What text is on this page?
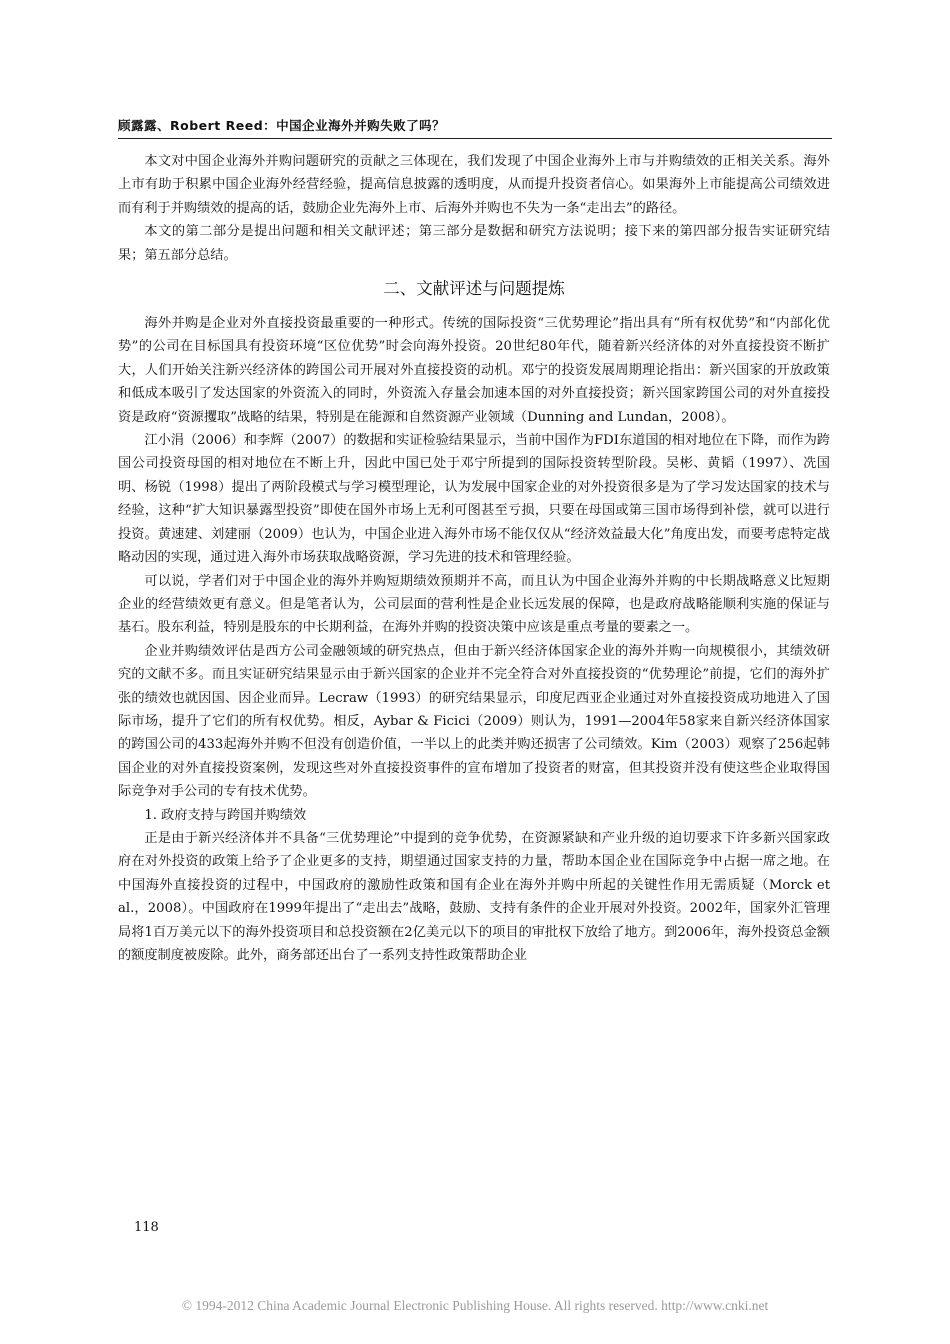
顾露露、Robert Reed：中国企业海外并购失败了吗？

本文对中国企业海外并购问题研究的贡献之三体现在，我们发现了中国企业海外上市与并购绩效的正相关关系。海外上市有助于积累中国企业海外经营经验，提高信息披露的透明度，从而提升投资者信心。如果海外上市能提高公司绩效进而有利于并购绩效的提高的话，鼓励企业先海外上市、后海外并购也不失为一条“走出去”的路径。

本文的第二部分是提出问题和相关文献评述；第三部分是数据和研究方法说明；接下来的第四部分报告实证研究结果；第五部分总结。

二、文献评述与问题提炼

海外并购是企业对外直接投资最重要的一种形式。传统的国际投资“三优势理论”指出具有“所有权优势”和“内部化优势”的公司在目标国具有投资环境“区位优势”时会向海外投资。20世纪80年代，随着新兴经济体的对外直接投资不断扩大，人们开始关注新兴经济体的跨国公司开展对外直接投资的动机。邓宁的投资发展周期理论指出：新兴国家的开放政策和低成本吸引了发达国家的外资流入的同时，外资流入存量会加速本国的对外直接投资；新兴国家跨国公司的对外直接投资是政府“资源攫取”战略的结果，特别是在能源和自然资源产业领域（Dunning and Lundan，2008）。

江小涓（2006）和李辉（2007）的数据和实证检验结果显示，当前中国作为FDI东道国的相对地位在下降，而作为跨国公司投资母国的相对地位在不断上升，因此中国已处于邓宁所提到的国际投资转型阶段。吴彬、黄韬（1997）、冼国明、杨锐（1998）提出了两阶段模式与学习模型理论，认为发展中国家企业的对外投资很多是为了学习发达国家的技术与经验，这种“扩大知识暴露型投资”即使在国外市场上无利可图甚至亏损，只要在母国或第三国市场得到补偿，就可以进行投资。黄速建、刘建丽（2009）也认为，中国企业进入海外市场不能仅仅从“经济效益最大化”角度出发，而要考虑特定战略动因的实现，通过进入海外市场获取战略资源，学习先进的技术和管理经验。

可以说，学者们对于中国企业的海外并购短期绩效预期并不高，而且认为中国企业海外并购的中长期战略意义比短期企业的经营绩效更有意义。但是笔者认为，公司层面的营利性是企业长远发展的保障，也是政府战略能顺利实施的保证与基石。股东利益，特别是股东的中长期利益，在海外并购的投资决策中应该是重点考量的要素之一。

企业并购绩效评估是西方公司金融领域的研究热点，但由于新兴经济体国家企业的海外并购一向规模很小，其绩效研究的文献不多。而且实证研究结果显示由于新兴国家的企业并不完全符合对外直接投资的“优势理论”前提，它们的海外扩张的绩效也就因国、因企业而异。Lecraw（1993）的研究结果显示，印度尼西亚企业通过对外直接投资成功地进入了国际市场，提升了它们的所有权优势。相反，Aybar & Ficici（2009）则认为，1991—2004年58家来自新兴经济体国家的跨国公司的433起海外并购不但没有创造价值，一半以上的此类并购还损害了公司绩效。Kim（2003）观察了256起韩国企业的对外直接投资案例，发现这些对外直接投资事件的宣布增加了投资者的财富，但其投资并没有使这些企业取得国际竞争对手公司的专有技术优势。

1. 政府支持与跨国并购绩效

正是由于新兴经济体并不具备“三优势理论”中提到的竞争优势，在资源紧缺和产业升级的迫切要求下许多新兴国家政府在对外投资的政策上给予了企业更多的支持，期望通过国家支持的力量，帮助本国企业在国际竞争中占据一席之地。在中国海外直接投资的过程中，中国政府的激励性政策和国有企业在海外并购中所起的关键性作用无需质疑（Morck et al.，2008）。中国政府在1999年提出了“走出去”战略，鼓励、支持有条件的企业开展对外投资。2002年，国家外汇管理局将1百万美元以下的海外投资项目和总投资额在2亿美元以下的项目的审批权下放给了地方。到2006年，海外投资总金额的额度制度被废除。此外，商务部还出台了一系列支持性政策帮助企业

118
© 1994-2012 China Academic Journal Electronic Publishing House. All rights reserved. http://www.cnki.net
